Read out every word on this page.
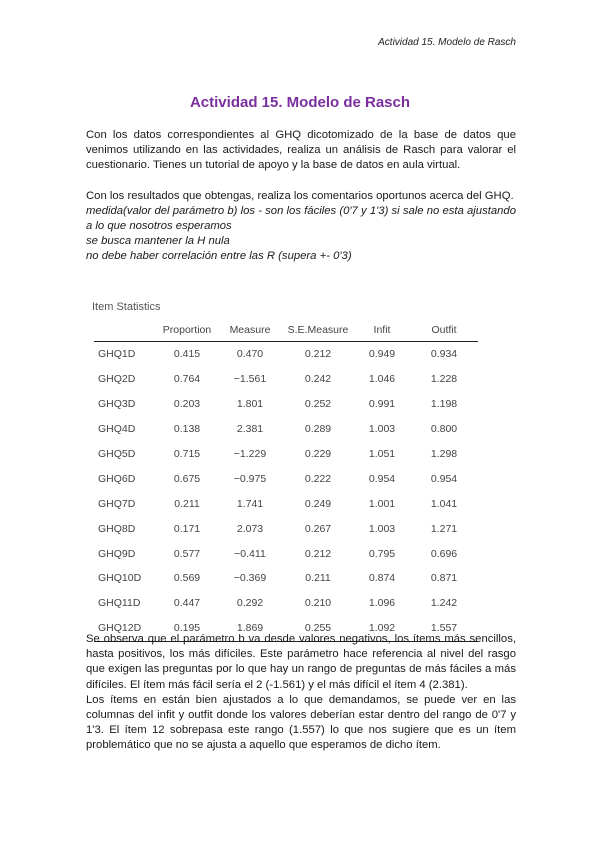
Actividad 15. Modelo de Rasch
Actividad 15. Modelo de Rasch

Con los datos correspondientes al GHQ dicotomizado de la base de datos que venimos utilizando en las actividades, realiza un análisis de Rasch para valorar el cuestionario. Tienes un tutorial de apoyo y la base de datos en aula virtual.

Con los resultados que obtengas, realiza los comentarios oportunos acerca del GHQ.

medida(valor del parámetro b) los - son los fáciles (0'7 y 1'3) si sale no esta ajustando a lo que nosotros esperamos

se busca mantener la H nula

no debe haber correlación entre las R (supera +- 0'3)

Item Statistics
	Proportion	Measure	S.E.Measure	Infit	Outfit
GHQ1D	0.415	0.470	0.212	0.949	0.934
GHQ2D	0.764	−1.561	0.242	1.046	1.228
GHQ3D	0.203	1.801	0.252	0.991	1.198
GHQ4D	0.138	2.381	0.289	1.003	0.800
GHQ5D	0.715	−1.229	0.229	1.051	1.298
GHQ6D	0.675	−0.975	0.222	0.954	0.954
GHQ7D	0.211	1.741	0.249	1.001	1.041
GHQ8D	0.171	2.073	0.267	1.003	1.271
GHQ9D	0.577	−0.411	0.212	0.795	0.696
GHQ10D	0.569	−0.369	0.211	0.874	0.871
GHQ11D	0.447	0.292	0.210	1.096	1.242
GHQ12D	0.195	1.869	0.255	1.092	1.557

Se observa que el parámetro b va desde valores negativos, los ítems más sencillos, hasta positivos, los más difíciles. Este parámetro hace referencia al nivel del rasgo que exigen las preguntas por lo que hay un rango de preguntas de más fáciles a más difíciles. El ítem más fácil sería el 2 (-1.561) y el más difícil el ítem 4 (2.381).

Los ítems en están bien ajustados a lo que demandamos, se puede ver en las columnas del infit y outfit donde los valores deberían estar dentro del rango de 0'7 y 1'3. El ítem 12 sobrepasa este rango (1.557) lo que nos sugiere que es un ítem problemático que no se ajusta a aquello que esperamos de dicho ítem.
